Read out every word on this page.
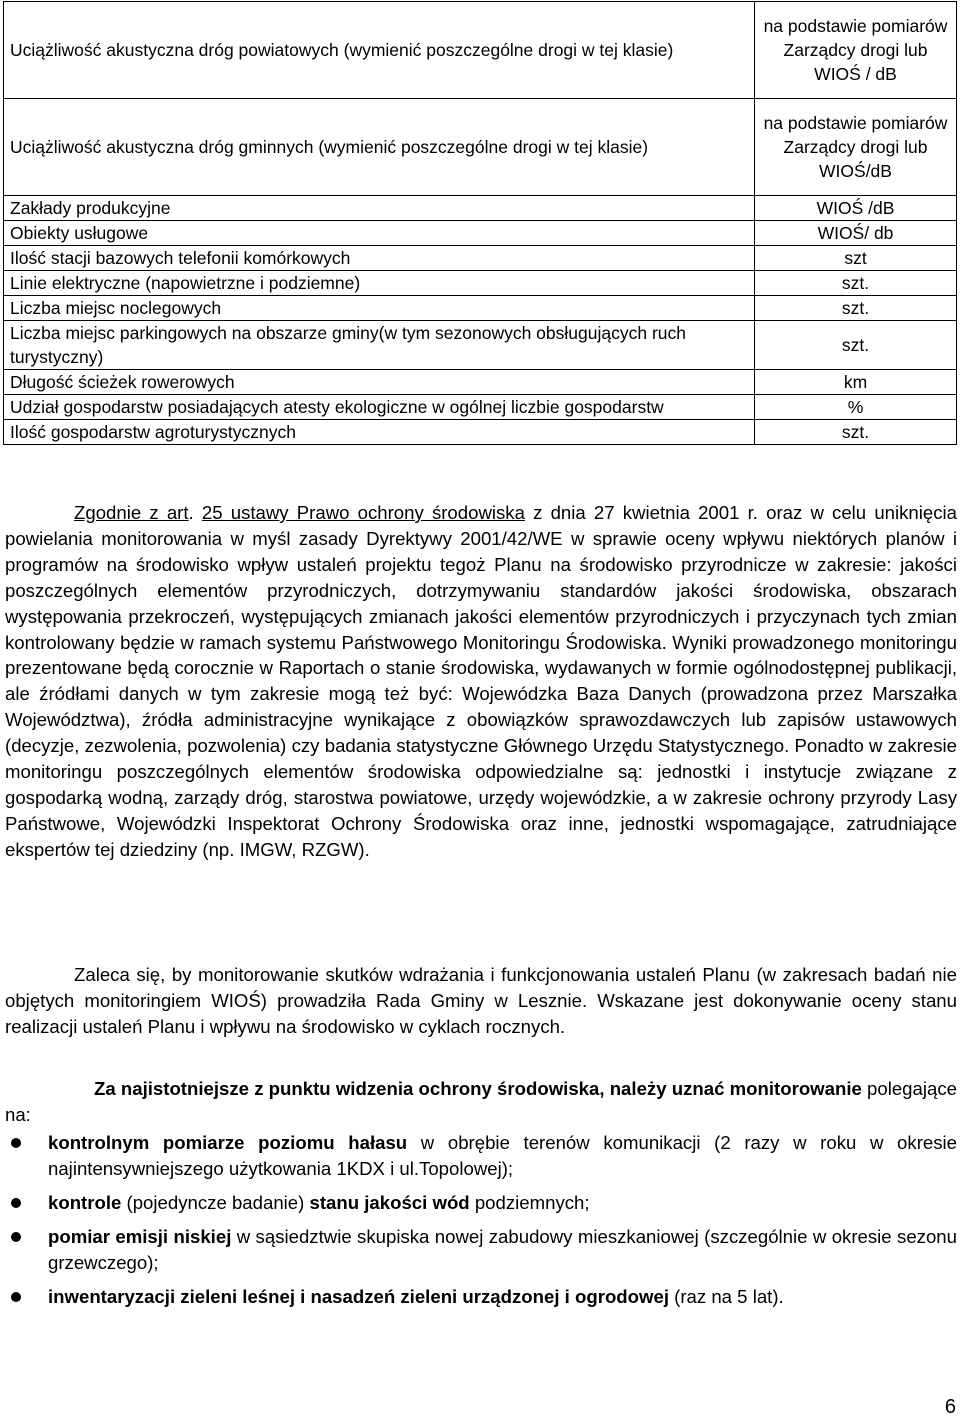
Uciążliwość akustyczna dróg powiatowych (wymienić poszczególne drogi w tej klasie)	na podstawie pomiarów Zarządcy drogi lub WIOŚ / dB
Uciążliwość akustyczna dróg gminnych (wymienić poszczególne drogi w tej klasie)	na podstawie pomiarów Zarządcy drogi lub WIOŚ/dB
Zakłady produkcyjne	WIOŚ /dB
Obiekty usługowe	WIOŚ/ db
Ilość stacji bazowych telefonii komórkowych	szt
Linie elektryczne (napowietrzne i podziemne)	szt.
Liczba miejsc noclegowych	szt.
Liczba miejsc parkingowych na obszarze gminy(w tym sezonowych obsługujących ruch turystyczny)	szt.
Długość ścieżek rowerowych	km
Udział gospodarstw posiadających atesty ekologiczne w ogólnej liczbie gospodarstw	%
Ilość gospodarstw agroturystycznych	szt.
Zgodnie z art. 25 ustawy Prawo ochrony środowiska z dnia 27 kwietnia 2001 r. oraz w celu uniknięcia powielania monitorowania w myśl zasady Dyrektywy 2001/42/WE w sprawie oceny wpływu niektórych planów i programów na środowisko wpływ ustaleń projektu tegoż Planu na środowisko przyrodnicze w zakresie: jakości poszczególnych elementów przyrodniczych, dotrzymywaniu standardów jakości środowiska, obszarach występowania przekroczeń, występujących zmianach jakości elementów przyrodniczych i przyczynach tych zmian kontrolowany będzie w ramach systemu Państwowego Monitoringu Środowiska. Wyniki prowadzonego monitoringu prezentowane będą corocznie w Raportach o stanie środowiska, wydawanych w formie ogólnodostępnej publikacji, ale źródłami danych w tym zakresie mogą też być: Wojewódzka Baza Danych (prowadzona przez Marszałka Województwa), źródła administracyjne wynikające z obowiązków sprawozdawczych lub zapisów ustawowych (decyzje, zezwolenia, pozwolenia) czy badania statystyczne Głównego Urzędu Statystycznego. Ponadto w zakresie monitoringu poszczególnych elementów środowiska odpowiedzialne są: jednostki i instytucje związane z gospodarką wodną, zarządy dróg, starostwa powiatowe, urzędy wojewódzkie, a w zakresie ochrony przyrody Lasy Państwowe, Wojewódzki Inspektorat Ochrony Środowiska oraz inne, jednostki wspomagające, zatrudniające ekspertów tej dziedziny (np. IMGW, RZGW).
Zaleca się, by monitorowanie skutków wdrażania i funkcjonowania ustaleń Planu (w zakresach badań nie objętych monitoringiem WIOŚ) prowadziła Rada Gminy w Lesznie. Wskazane jest dokonywanie oceny stanu realizacji ustaleń Planu i wpływu na środowisko w cyklach rocznych.
Za najistotniejsze z punktu widzenia ochrony środowiska, należy uznać monitorowanie polegające na:
kontrolnym pomiarze poziomu hałasu w obrębie terenów komunikacji (2 razy w roku w okresie najintensywniejszego użytkowania 1KDX i ul.Topolowej);
kontrole (pojedyncze badanie) stanu jakości wód podziemnych;
pomiar emisji niskiej w sąsiedztwie skupiska nowej zabudowy mieszkaniowej (szczególnie w okresie sezonu grzewczego);
inwentaryzacji zieleni leśnej i nasadzeń zieleni urządzonej i ogrodowej (raz na 5 lat).
6
